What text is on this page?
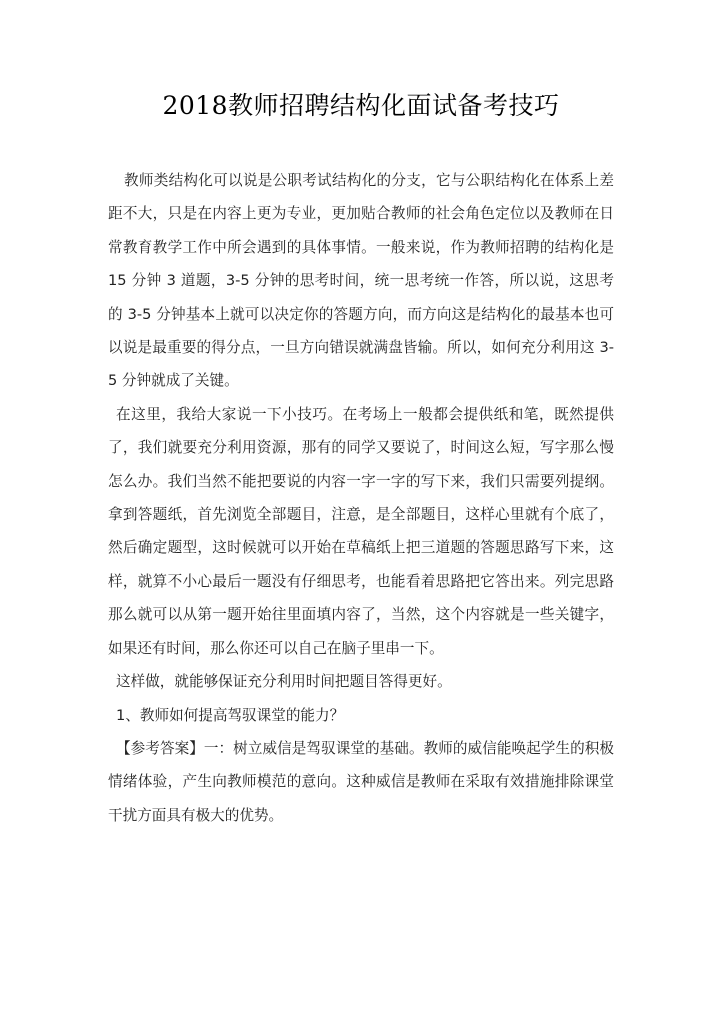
2018教师招聘结构化面试备考技巧

教师类结构化可以说是公职考试结构化的分支，它与公职结构化在体系上差距不大，只是在内容上更为专业，更加贴合教师的社会角色定位以及教师在日常教育教学工作中所会遇到的具体事情。一般来说，作为教师招聘的结构化是 15 分钟 3 道题，3-5 分钟的思考时间，统一思考统一作答，所以说，这思考的 3-5 分钟基本上就可以决定你的答题方向，而方向这是结构化的最基本也可以说是最重要的得分点，一旦方向错误就满盘皆输。所以，如何充分利用这 3-5 分钟就成了关键。

在这里，我给大家说一下小技巧。在考场上一般都会提供纸和笔，既然提供了，我们就要充分利用资源，那有的同学又要说了，时间这么短，写字那么慢怎么办。我们当然不能把要说的内容一字一字的写下来，我们只需要列提纲。拿到答题纸，首先浏览全部题目，注意，是全部题目，这样心里就有个底了，然后确定题型，这时候就可以开始在草稿纸上把三道题的答题思路写下来，这样，就算不小心最后一题没有仔细思考，也能看着思路把它答出来。列完思路那么就可以从第一题开始往里面填内容了，当然，这个内容就是一些关键字，如果还有时间，那么你还可以自己在脑子里串一下。

这样做，就能够保证充分利用时间把题目答得更好。

1、教师如何提高驾驭课堂的能力？

【参考答案】一：树立威信是驾驭课堂的基础。教师的威信能唤起学生的积极情绪体验，产生向教师模范的意向。这种威信是教师在采取有效措施排除课堂干扰方面具有极大的优势。
